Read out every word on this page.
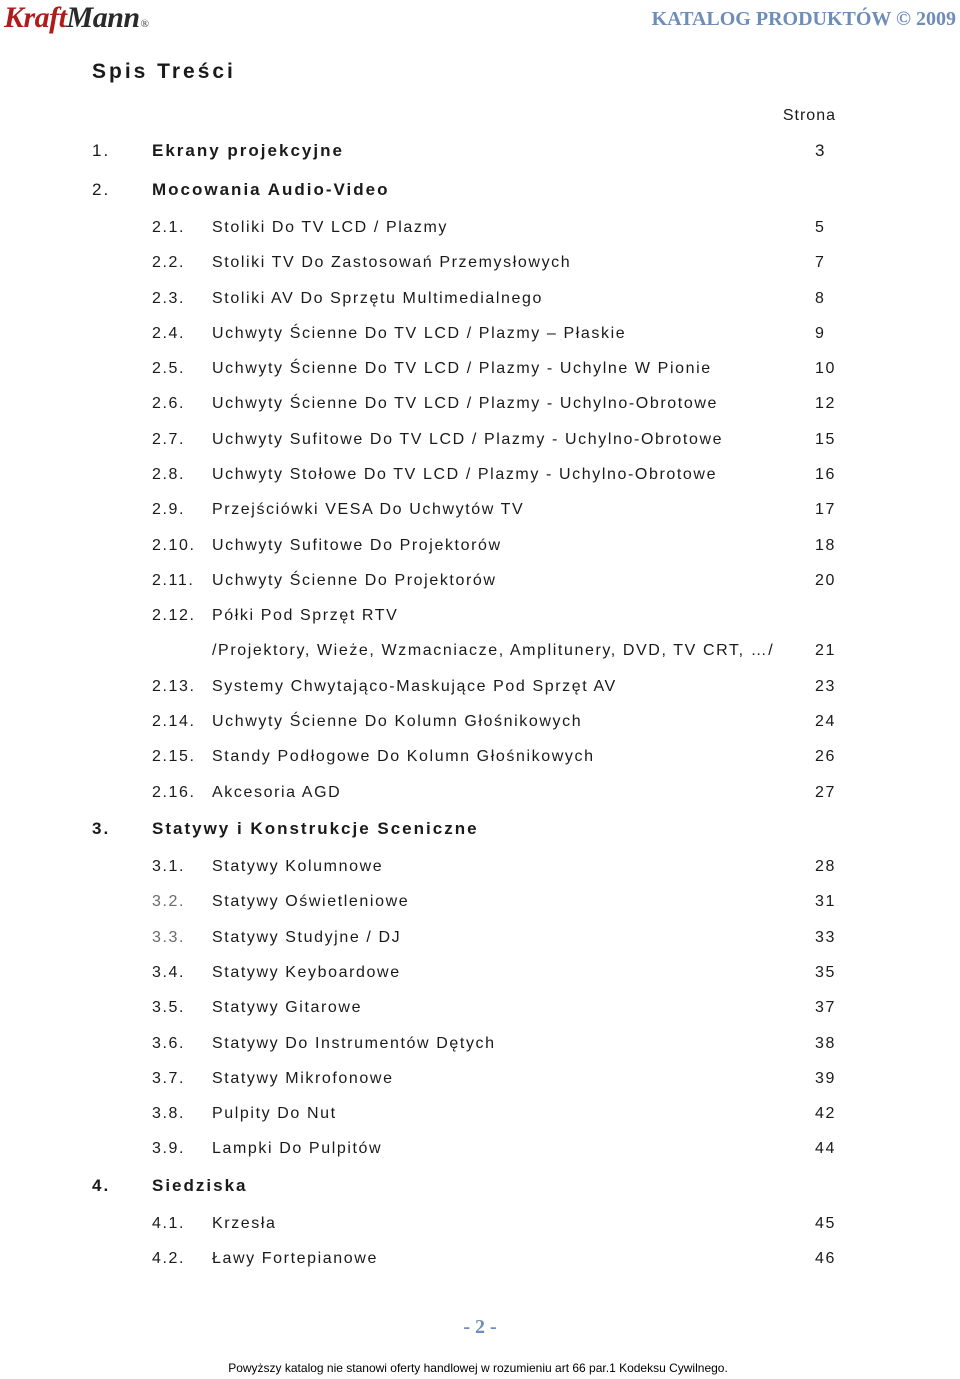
KraftMann®	KATALOG PRODUKTÓW © 2009
Spis Treści
Strona
1. Ekrany projekcyjne	3
2. Mocowania Audio-Video
2.1. Stoliki Do TV LCD / Plazmy	5
2.2. Stoliki TV Do Zastosowań Przemysłowych	7
2.3. Stoliki AV Do Sprzętu Multimedialnego	8
2.4. Uchwyty Ścienne Do TV LCD / Plazmy – Płaskie	9
2.5. Uchwyty Ścienne Do TV LCD / Plazmy - Uchylne W Pionie	10
2.6. Uchwyty Ścienne Do TV LCD / Plazmy - Uchylno-Obrotowe	12
2.7. Uchwyty Sufitowe Do TV LCD / Plazmy - Uchylno-Obrotowe	15
2.8. Uchwyty Stołowe Do TV LCD / Plazmy - Uchylno-Obrotowe	16
2.9. Przejściówki VESA Do Uchwytów TV	17
2.10. Uchwyty Sufitowe Do Projektorów	18
2.11. Uchwyty Ścienne Do Projektorów	20
2.12. Półki Pod Sprzęt RTV
/Projektory, Wieże, Wzmacniacze, Amplitunery, DVD, TV CRT, …/	21
2.13. Systemy Chwytająco-Maskujące Pod Sprzęt AV	23
2.14. Uchwyty Ścienne Do Kolumn Głośnikowych	24
2.15. Standy Podłogowe Do Kolumn Głośnikowych	26
2.16. Akcesoria AGD	27
3. Statywy i Konstrukcje Sceniczne
3.1. Statywy Kolumnowe	28
3.2. Statywy Oświetleniowe	31
3.3. Statywy Studyjne / DJ	33
3.4. Statywy Keyboardowe	35
3.5. Statywy Gitarowe	37
3.6. Statywy Do Instrumentów Dętych	38
3.7. Statywy Mikrofonowe	39
3.8. Pulpity Do Nut	42
3.9. Lampki Do Pulpitów	44
4. Siedziska
4.1. Krzesła	45
4.2. Ławy Fortepianowe	46
- 2 -
Powyższy katalog nie stanowi oferty handlowej w rozumieniu art 66 par.1 Kodeksu Cywilnego.
